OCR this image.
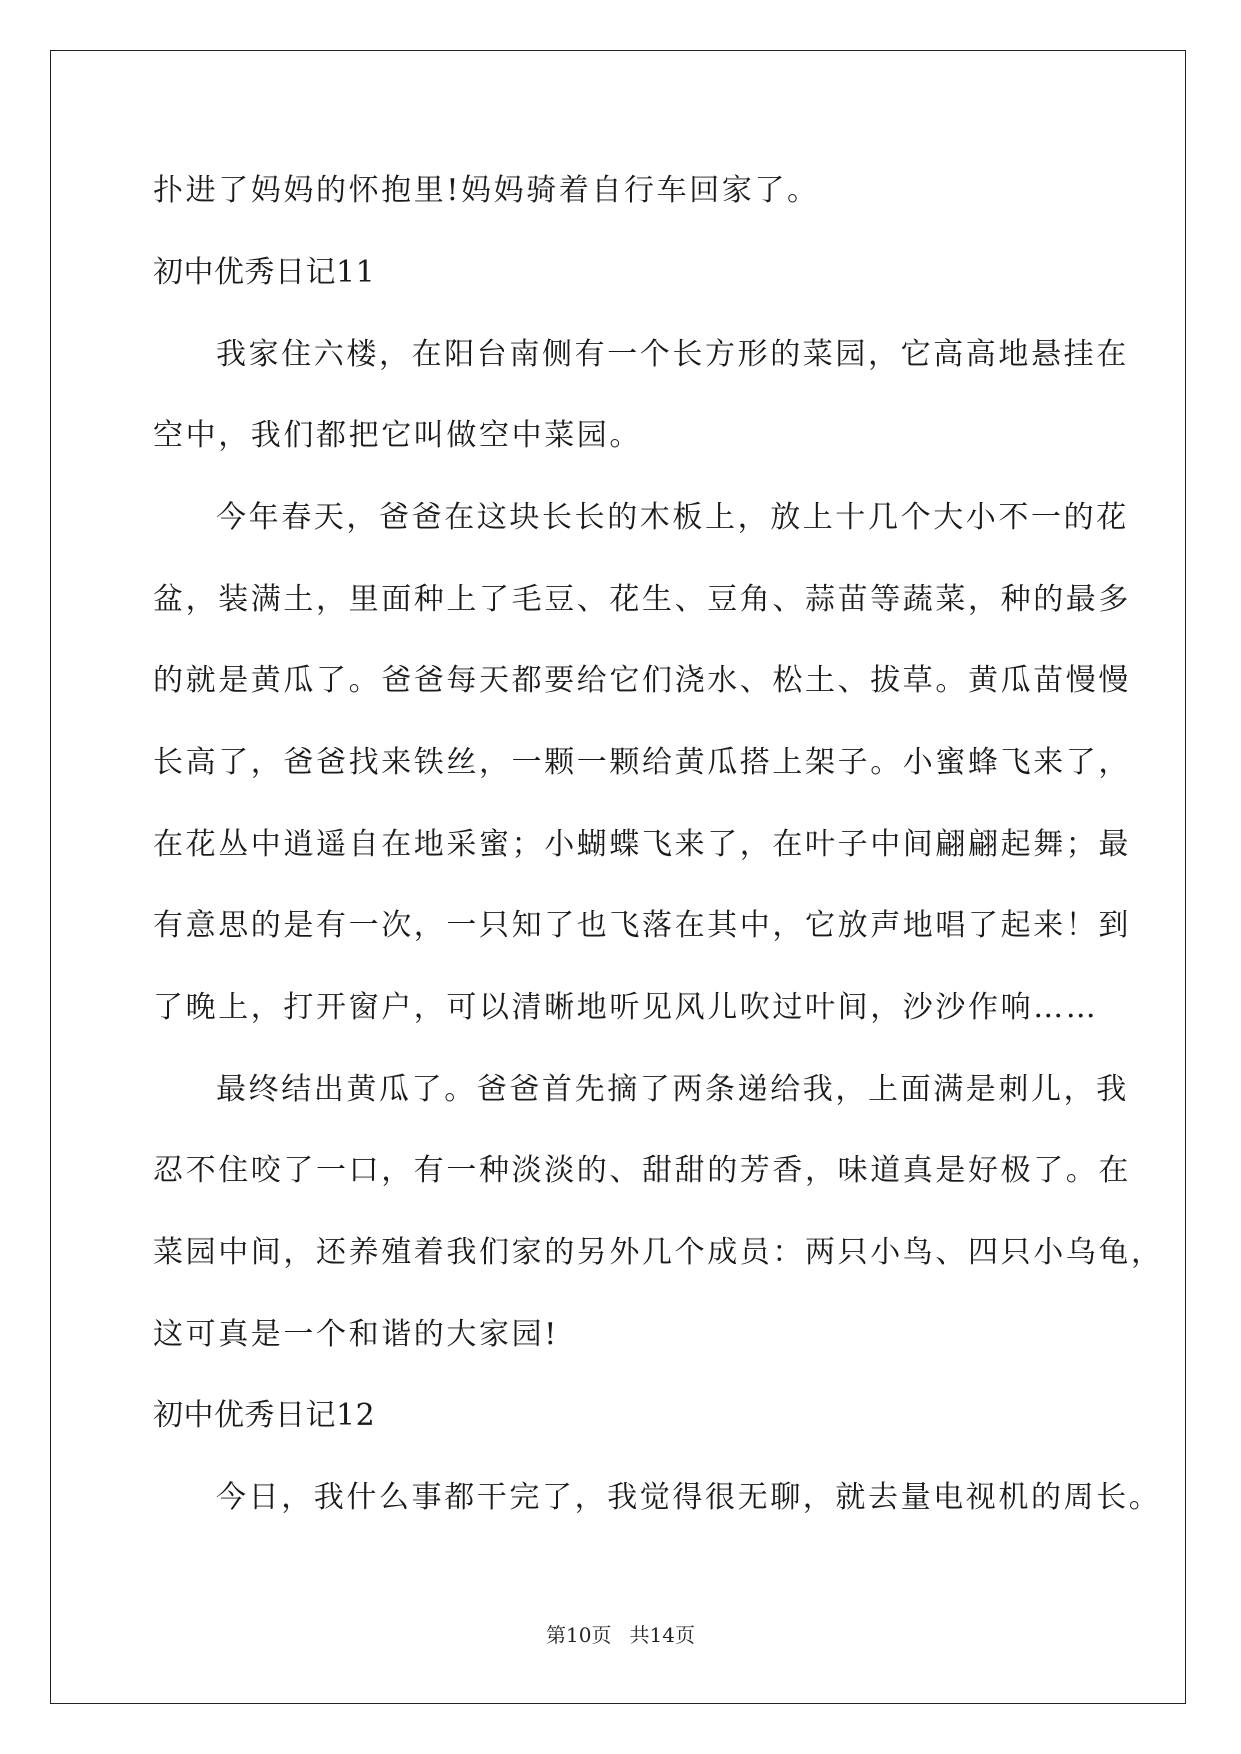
扑进了妈妈的怀抱里!妈妈骑着自行车回家了。
初中优秀日记11
我家住六楼，在阳台南侧有一个长方形的菜园，它高高地悬挂在
空中，我们都把它叫做空中菜园。
今年春天，爸爸在这块长长的木板上，放上十几个大小不一的花
盆，装满土，里面种上了毛豆、花生、豆角、蒜苗等蔬菜，种的最多
的就是黄瓜了。爸爸每天都要给它们浇水、松土、拔草。黄瓜苗慢慢
长高了，爸爸找来铁丝，一颗一颗给黄瓜搭上架子。小蜜蜂飞来了，
在花丛中逍遥自在地采蜜；小蝴蝶飞来了，在叶子中间翩翩起舞；最
有意思的是有一次，一只知了也飞落在其中，它放声地唱了起来！到
了晚上，打开窗户，可以清晰地听见风儿吹过叶间，沙沙作响……
最终结出黄瓜了。爸爸首先摘了两条递给我，上面满是刺儿，我
忍不住咬了一口，有一种淡淡的、甜甜的芳香，味道真是好极了。在
菜园中间，还养殖着我们家的另外几个成员：两只小鸟、四只小乌龟，
这可真是一个和谐的大家园!
初中优秀日记12
今日，我什么事都干完了，我觉得很无聊，就去量电视机的周长。
第10页 共14页
